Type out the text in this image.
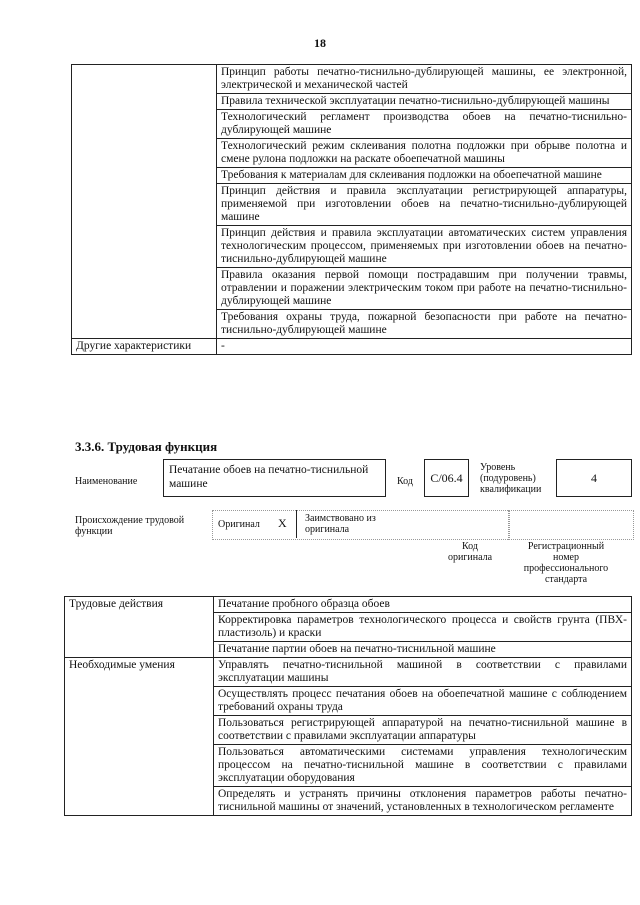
18
	Принцип работы печатно-тиснильно-дублирующей машины, ее электронной, электрической и механической частей
	Правила технической эксплуатации печатно-тиснильно-дублирующей машины
	Технологический регламент производства обоев на печатно-тиснильно-дублирующей машине
	Технологический режим склеивания полотна подложки при обрыве полотна и смене рулона подложки на раскате обоепечатной машины
	Требования к материалам для склеивания подложки на обоепечатной машине
	Принцип действия и правила эксплуатации регистрирующей аппаратуры, применяемой при изготовлении обоев на печатно-тиснильно-дублирующей машине
	Принцип действия и правила эксплуатации автоматических систем управления технологическим процессом, применяемых при изготовлении обоев на печатно-тиснильно-дублирующей машине
	Правила оказания первой помощи пострадавшим при получении травмы, отравлении и поражении электрическим током при работе на печатно-тиснильно-дублирующей машине
	Требования охраны труда, пожарной безопасности при работе на печатно-тиснильно-дублирующей машине
Другие характеристики	-
3.3.6. Трудовая функция
Наименование
Печатание обоев на печатно-тиснильной машине	Код	C/06.4
Уровень (подуровень) квалификации
4
Происхождение трудовой функции
Оригинал X Заимствовано из оригинала
Код оригинала
Регистрационный номер профессионального стандарта
Трудовые действия	Печатание пробного образца обоев
	Корректировка параметров технологического процесса и свойств грунта (ПВХ-пластизоль) и краски
	Печатание партии обоев на печатно-тиснильной машине
Необходимые умения	Управлять печатно-тиснильной машиной в соответствии с правилами эксплуатации машины
	Осуществлять процесс печатания обоев на обоепечатной машине с соблюдением требований охраны труда
	Пользоваться регистрирующей аппаратурой на печатно-тиснильной машине в соответствии с правилами эксплуатации аппаратуры
	Пользоваться автоматическими системами управления технологическим процессом на печатно-тиснильной машине в соответствии с правилами эксплуатации оборудования
	Определять и устранять причины отклонения параметров работы печатно-тиснильной машины от значений, установленных в технологическом регламенте
